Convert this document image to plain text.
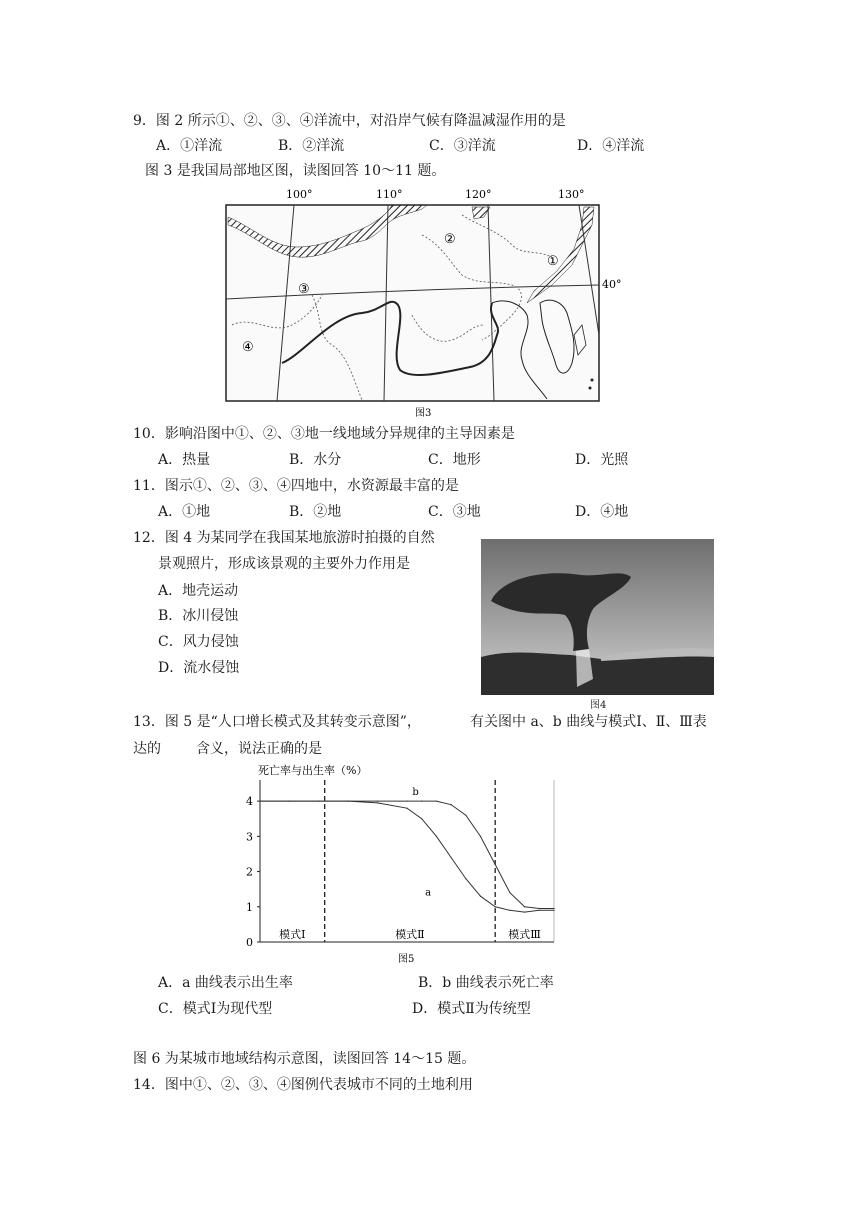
9．图 2 所示①、②、③、④洋流中，对沿岸气候有降温减湿作用的是
A．①洋流	B．②洋流	C．③洋流	D．④洋流
图 3 是我国局部地区图，读图回答 10～11 题。
100°	110°	120°	130°
40°
①
②
③
④
图3
10．影响沿图中①、②、③地一线地域分异规律的主导因素是
A．热量	B．水分	C．地形	D．光照
11．图示①、②、③、④四地中，水资源最丰富的是
A．①地	B．②地	C．③地	D．④地
12．图 4 为某同学在我国某地旅游时拍摄的自然
景观照片，形成该景观的主要外力作用是
A．地壳运动
B．冰川侵蚀
C．风力侵蚀
D．流水侵蚀
图4
13．图 5 是“人口增长模式及其转变示意图”，	有关图中 a、b 曲线与模式Ⅰ、Ⅱ、Ⅲ表
达的	含义，说法正确的是
死亡率与出生率（%）
0
1
2
3
4
模式Ⅰ	模式Ⅱ	模式Ⅲ
a
b
图5
A．a 曲线表示出生率	B．b 曲线表示死亡率
C．模式Ⅰ为现代型	D．模式Ⅱ为传统型
图 6 为某城市地域结构示意图，读图回答 14～15 题。
14．图中①、②、③、④图例代表城市不同的土地利用
